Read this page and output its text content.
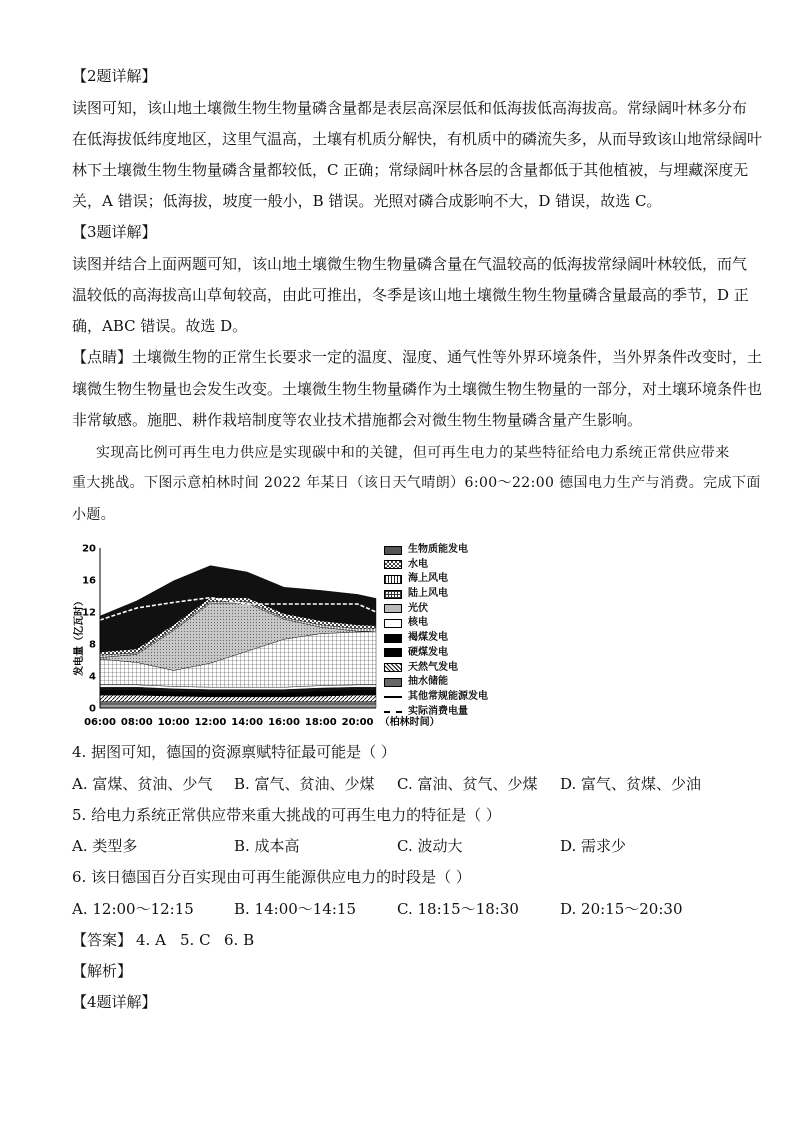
【2题详解】
读图可知，该山地土壤微生物生物量磷含量都是表层高深层低和低海拔低高海拔高。常绿阔叶林多分布
在低海拔低纬度地区，这里气温高，土壤有机质分解快，有机质中的磷流失多，从而导致该山地常绿阔叶
林下土壤微生物生物量磷含量都较低，C 正确；常绿阔叶林各层的含量都低于其他植被，与埋藏深度无
关，A 错误；低海拔，坡度一般小，B 错误。光照对磷合成影响不大，D 错误，故选 C。
【3题详解】
读图并结合上面两题可知，该山地土壤微生物生物量磷含量在气温较高的低海拔常绿阔叶林较低，而气
温较低的高海拔高山草甸较高，由此可推出，冬季是该山地土壤微生物生物量磷含量最高的季节，D 正
确，ABC 错误。故选 D。
【点睛】土壤微生物的正常生长要求一定的温度、湿度、通气性等外界环境条件，当外界条件改变时，土
壤微生物生物量也会发生改变。土壤微生物生物量磷作为土壤微生物生物量的一部分，对土壤环境条件也
非常敏感。施肥、耕作栽培制度等农业技术措施都会对微生物生物量磷含量产生影响。
实现高比例可再生电力供应是实现碳中和的关键，但可再生电力的某些特征给电力系统正常供应带来
重大挑战。下图示意柏林时间 2022 年某日（该日天气晴朗）6:00～22:00 德国电力生产与消费。完成下面
小题。
0
4
8
12
16
20
06:00 08:00 10:00 12:00 14:00 16:00 18:00 20:00 （柏林时间）
发电量（亿瓦时）
生物质能发电
水电
海上风电
陆上风电
光伏
核电
褐煤发电
硬煤发电
天然气发电
抽水储能
其他常规能源发电
实际消费电量
4. 据图可知，德国的资源禀赋特征最可能是（ ）
A. 富煤、贫油、少气 B. 富气、贫油、少煤 C. 富油、贫气、少煤 D. 富气、贫煤、少油
5. 给电力系统正常供应带来重大挑战的可再生电力的特征是（ ）
A. 类型多	B. 成本高	C. 波动大	D. 需求少
6. 该日德国百分百实现由可再生能源供应电力的时段是（ ）
A. 12:00～12:15	B. 14:00～14:15	C. 18:15～18:30	D. 20:15～20:30
【答案】 4. A 5. C 6. B
【解析】
【4题详解】
